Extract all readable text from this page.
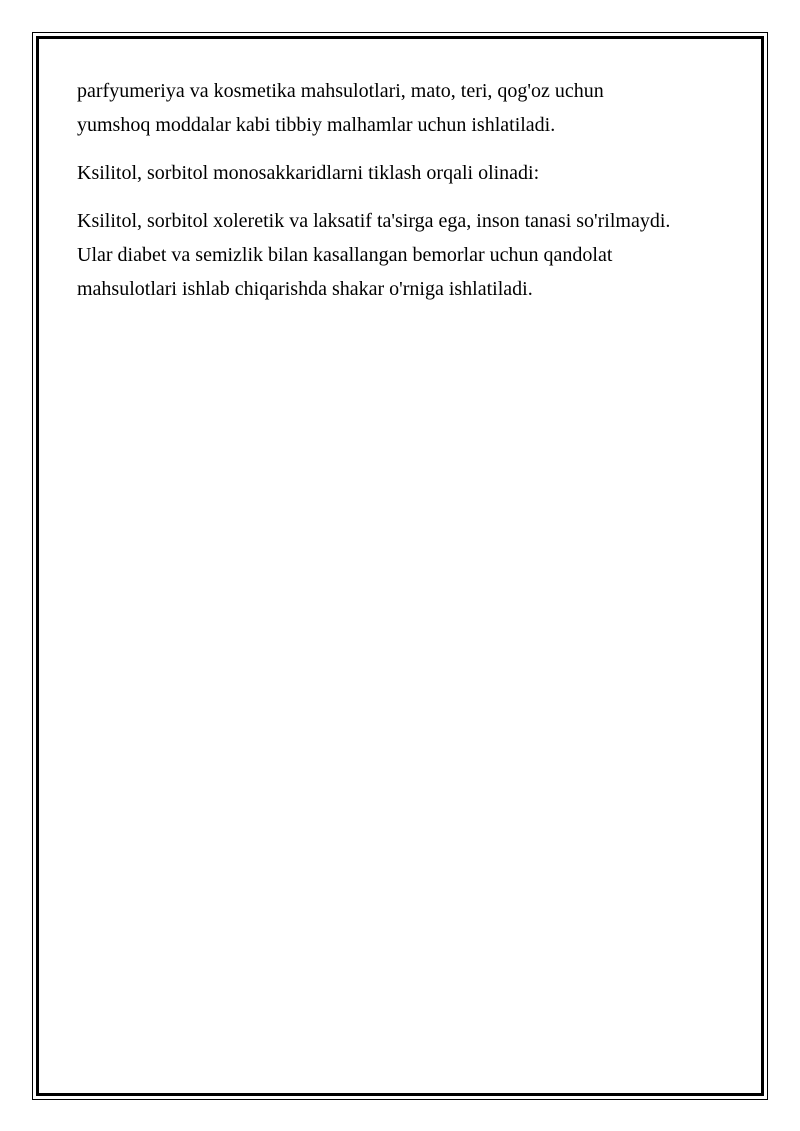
parfyumeriya va kosmetika mahsulotlari, mato, teri, qog'oz uchun
yumshoq moddalar kabi tibbiy malhamlar uchun ishlatiladi.

Ksilitol, sorbitol monosakkaridlarni tiklash orqali olinadi:

Ksilitol, sorbitol xoleretik va laksatif ta'sirga ega, inson tanasi so'rilmaydi.
Ular diabet va semizlik bilan kasallangan bemorlar uchun qandolat
mahsulotlari ishlab chiqarishda shakar o'rniga ishlatiladi.
